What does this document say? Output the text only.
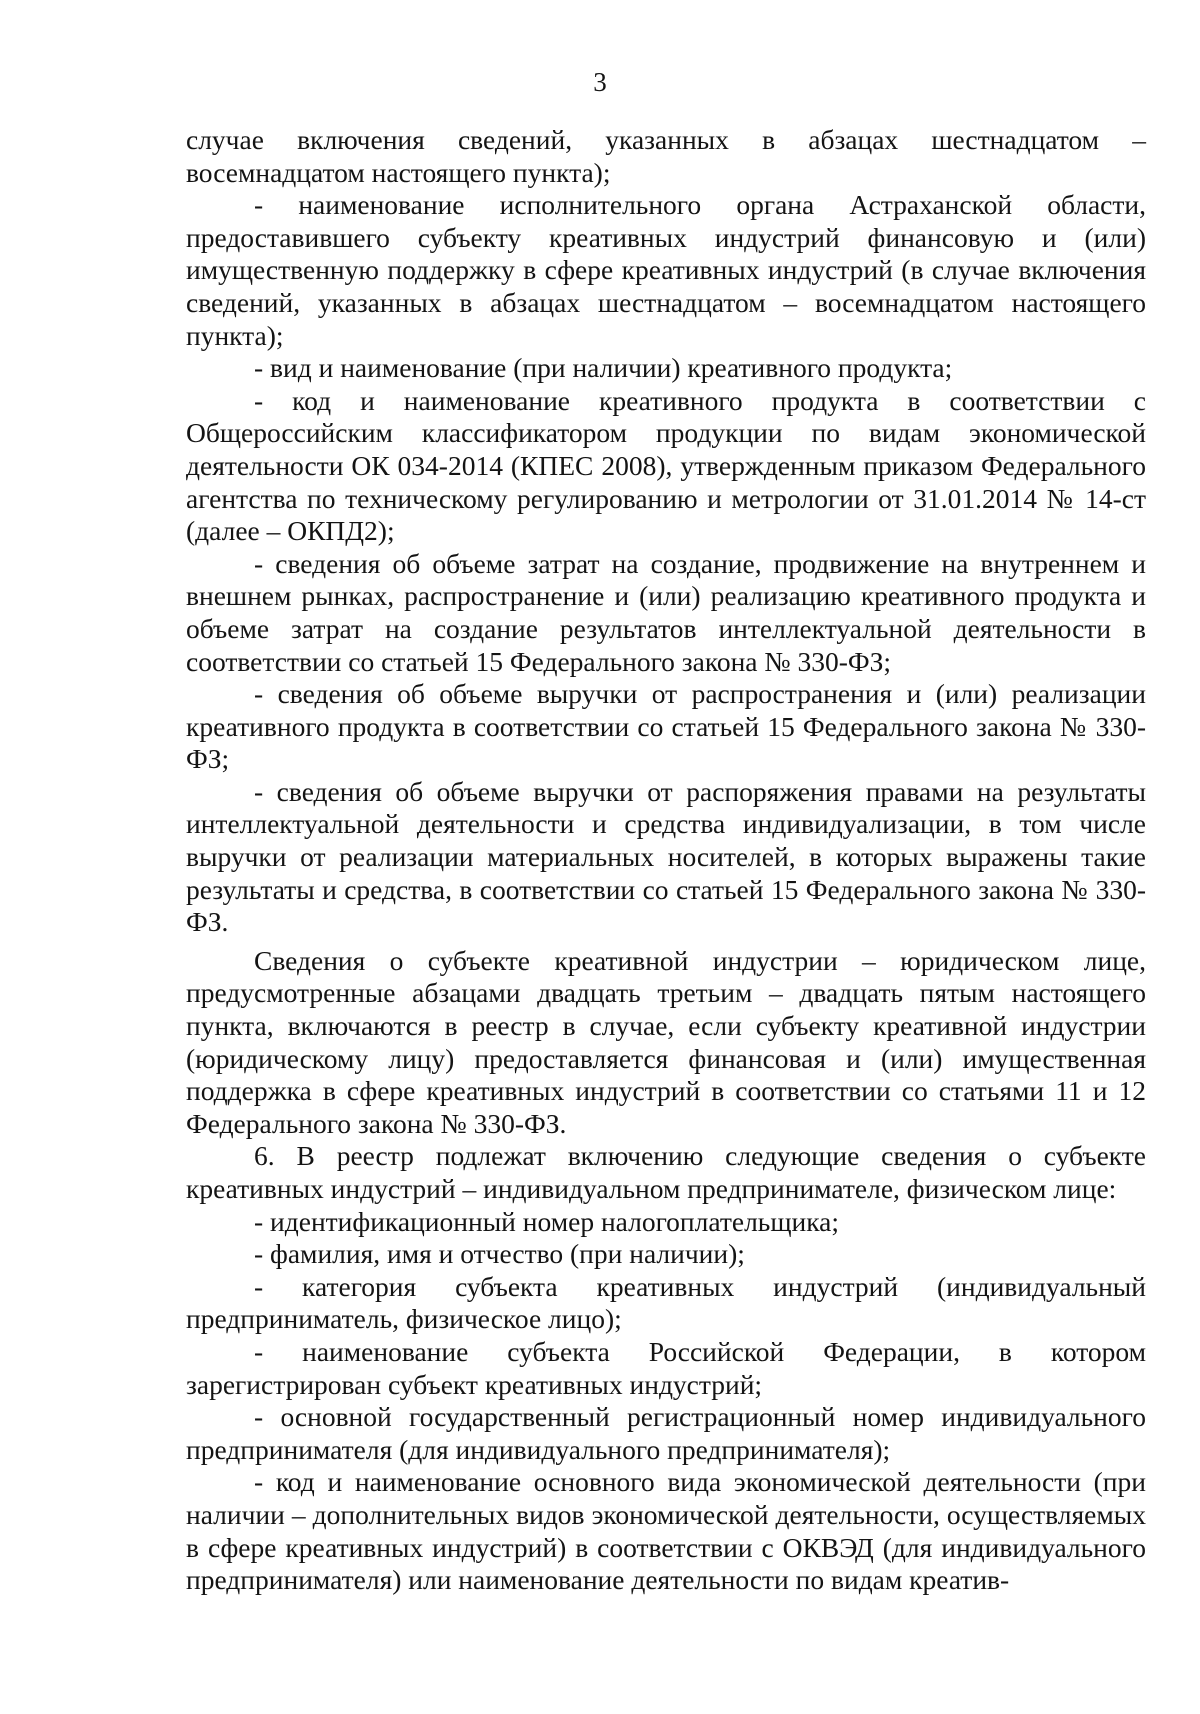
3

случае включения сведений, указанных в абзацах шестнадцатом – восемнадцатом настоящего пункта);

- наименование исполнительного органа Астраханской области, предоставившего субъекту креативных индустрий финансовую и (или) имущественную поддержку в сфере креативных индустрий (в случае включения сведений, указанных в абзацах шестнадцатом – восемнадцатом настоящего пункта);

- вид и наименование (при наличии) креативного продукта;

- код и наименование креативного продукта в соответствии с Общероссийским классификатором продукции по видам экономической деятельности ОК 034-2014 (КПЕС 2008), утвержденным приказом Федерального агентства по техническому регулированию и метрологии от 31.01.2014 № 14-ст (далее – ОКПД2);

- сведения об объеме затрат на создание, продвижение на внутреннем и внешнем рынках, распространение и (или) реализацию креативного продукта и объеме затрат на создание результатов интеллектуальной деятельности в соответствии со статьей 15 Федерального закона № 330-ФЗ;

- сведения об объеме выручки от распространения и (или) реализации креативного продукта в соответствии со статьей 15 Федерального закона № 330-ФЗ;

- сведения об объеме выручки от распоряжения правами на результаты интеллектуальной деятельности и средства индивидуализации, в том числе выручки от реализации материальных носителей, в которых выражены такие результаты и средства, в соответствии со статьей 15 Федерального закона № 330-ФЗ.

Сведения о субъекте креативной индустрии – юридическом лице, предусмотренные абзацами двадцать третьим – двадцать пятым настоящего пункта, включаются в реестр в случае, если субъекту креативной индустрии (юридическому лицу) предоставляется финансовая и (или) имущественная поддержка в сфере креативных индустрий в соответствии со статьями 11 и 12 Федерального закона № 330-ФЗ.

6. В реестр подлежат включению следующие сведения о субъекте креативных индустрий – индивидуальном предпринимателе, физическом лице:

- идентификационный номер налогоплательщика;

- фамилия, имя и отчество (при наличии);

- категория субъекта креативных индустрий (индивидуальный предприниматель, физическое лицо);

- наименование субъекта Российской Федерации, в котором зарегистрирован субъект креативных индустрий;

- основной государственный регистрационный номер индивидуального предпринимателя (для индивидуального предпринимателя);

- код и наименование основного вида экономической деятельности (при наличии – дополнительных видов экономической деятельности, осуществляемых в сфере креативных индустрий) в соответствии с ОКВЭД (для индивидуального предпринимателя) или наименование деятельности по видам креатив-
